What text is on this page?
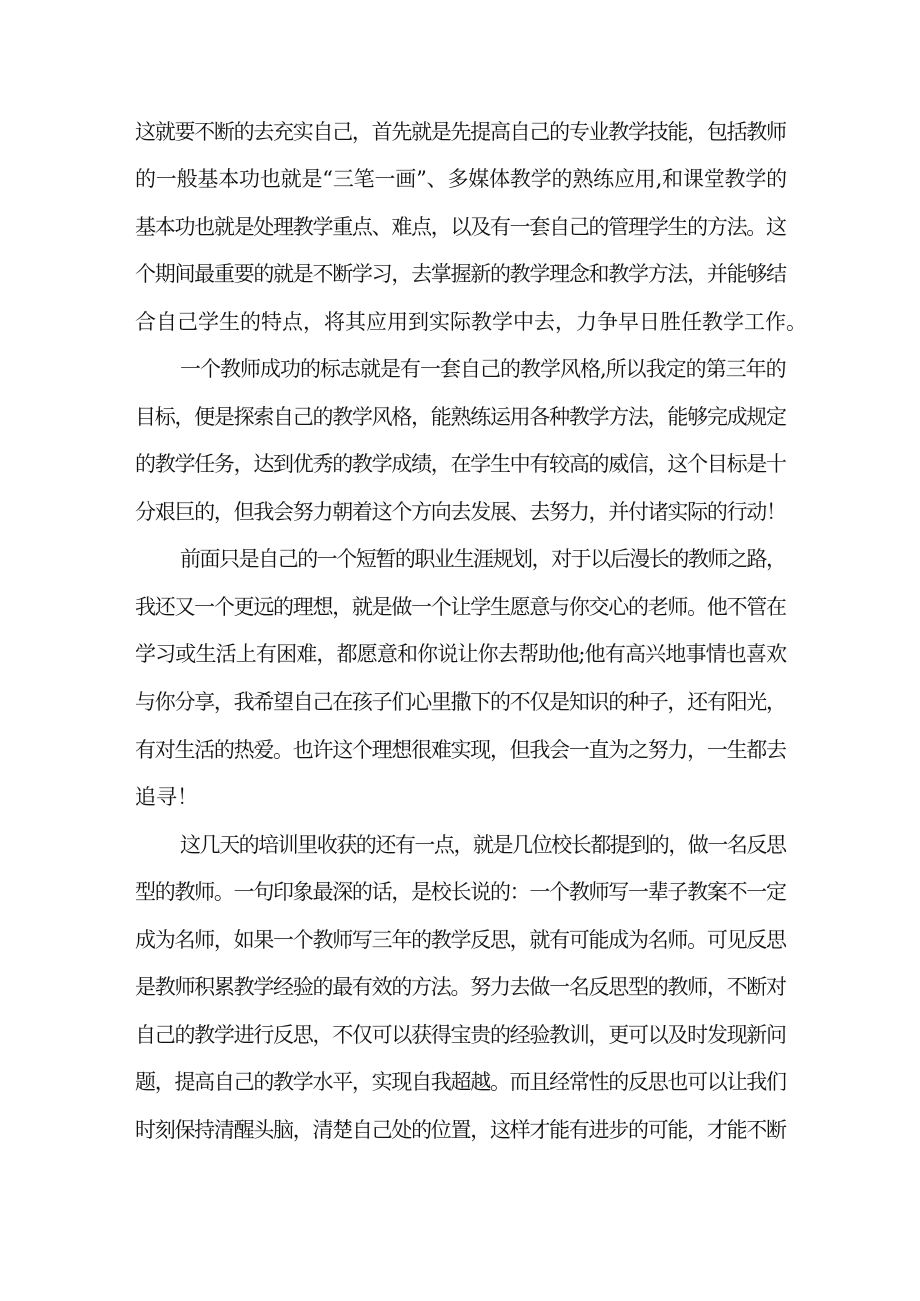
这就要不断的去充实自己，首先就是先提高自己的专业教学技能，包括教师
的一般基本功也就是“三笔一画”、多媒体教学的熟练应用,和课堂教学的
基本功也就是处理教学重点、难点，以及有一套自己的管理学生的方法。这
个期间最重要的就是不断学习，去掌握新的教学理念和教学方法，并能够结
合自己学生的特点，将其应用到实际教学中去，力争早日胜任教学工作。
一个教师成功的标志就是有一套自己的教学风格,所以我定的第三年的
目标，便是探索自己的教学风格，能熟练运用各种教学方法，能够完成规定
的教学任务，达到优秀的教学成绩，在学生中有较高的威信，这个目标是十
分艰巨的，但我会努力朝着这个方向去发展、去努力，并付诸实际的行动！
前面只是自己的一个短暂的职业生涯规划，对于以后漫长的教师之路，
我还又一个更远的理想，就是做一个让学生愿意与你交心的老师。他不管在
学习或生活上有困难，都愿意和你说让你去帮助他;他有高兴地事情也喜欢
与你分享，我希望自己在孩子们心里撒下的不仅是知识的种子，还有阳光，
有对生活的热爱。也许这个理想很难实现，但我会一直为之努力，一生都去
追寻！
这几天的培训里收获的还有一点，就是几位校长都提到的，做一名反思
型的教师。一句印象最深的话，是校长说的：一个教师写一辈子教案不一定
成为名师，如果一个教师写三年的教学反思，就有可能成为名师。可见反思
是教师积累教学经验的最有效的方法。努力去做一名反思型的教师，不断对
自己的教学进行反思，不仅可以获得宝贵的经验教训，更可以及时发现新问
题，提高自己的教学水平，实现自我超越。而且经常性的反思也可以让我们
时刻保持清醒头脑，清楚自己处的位置，这样才能有进步的可能，才能不断
